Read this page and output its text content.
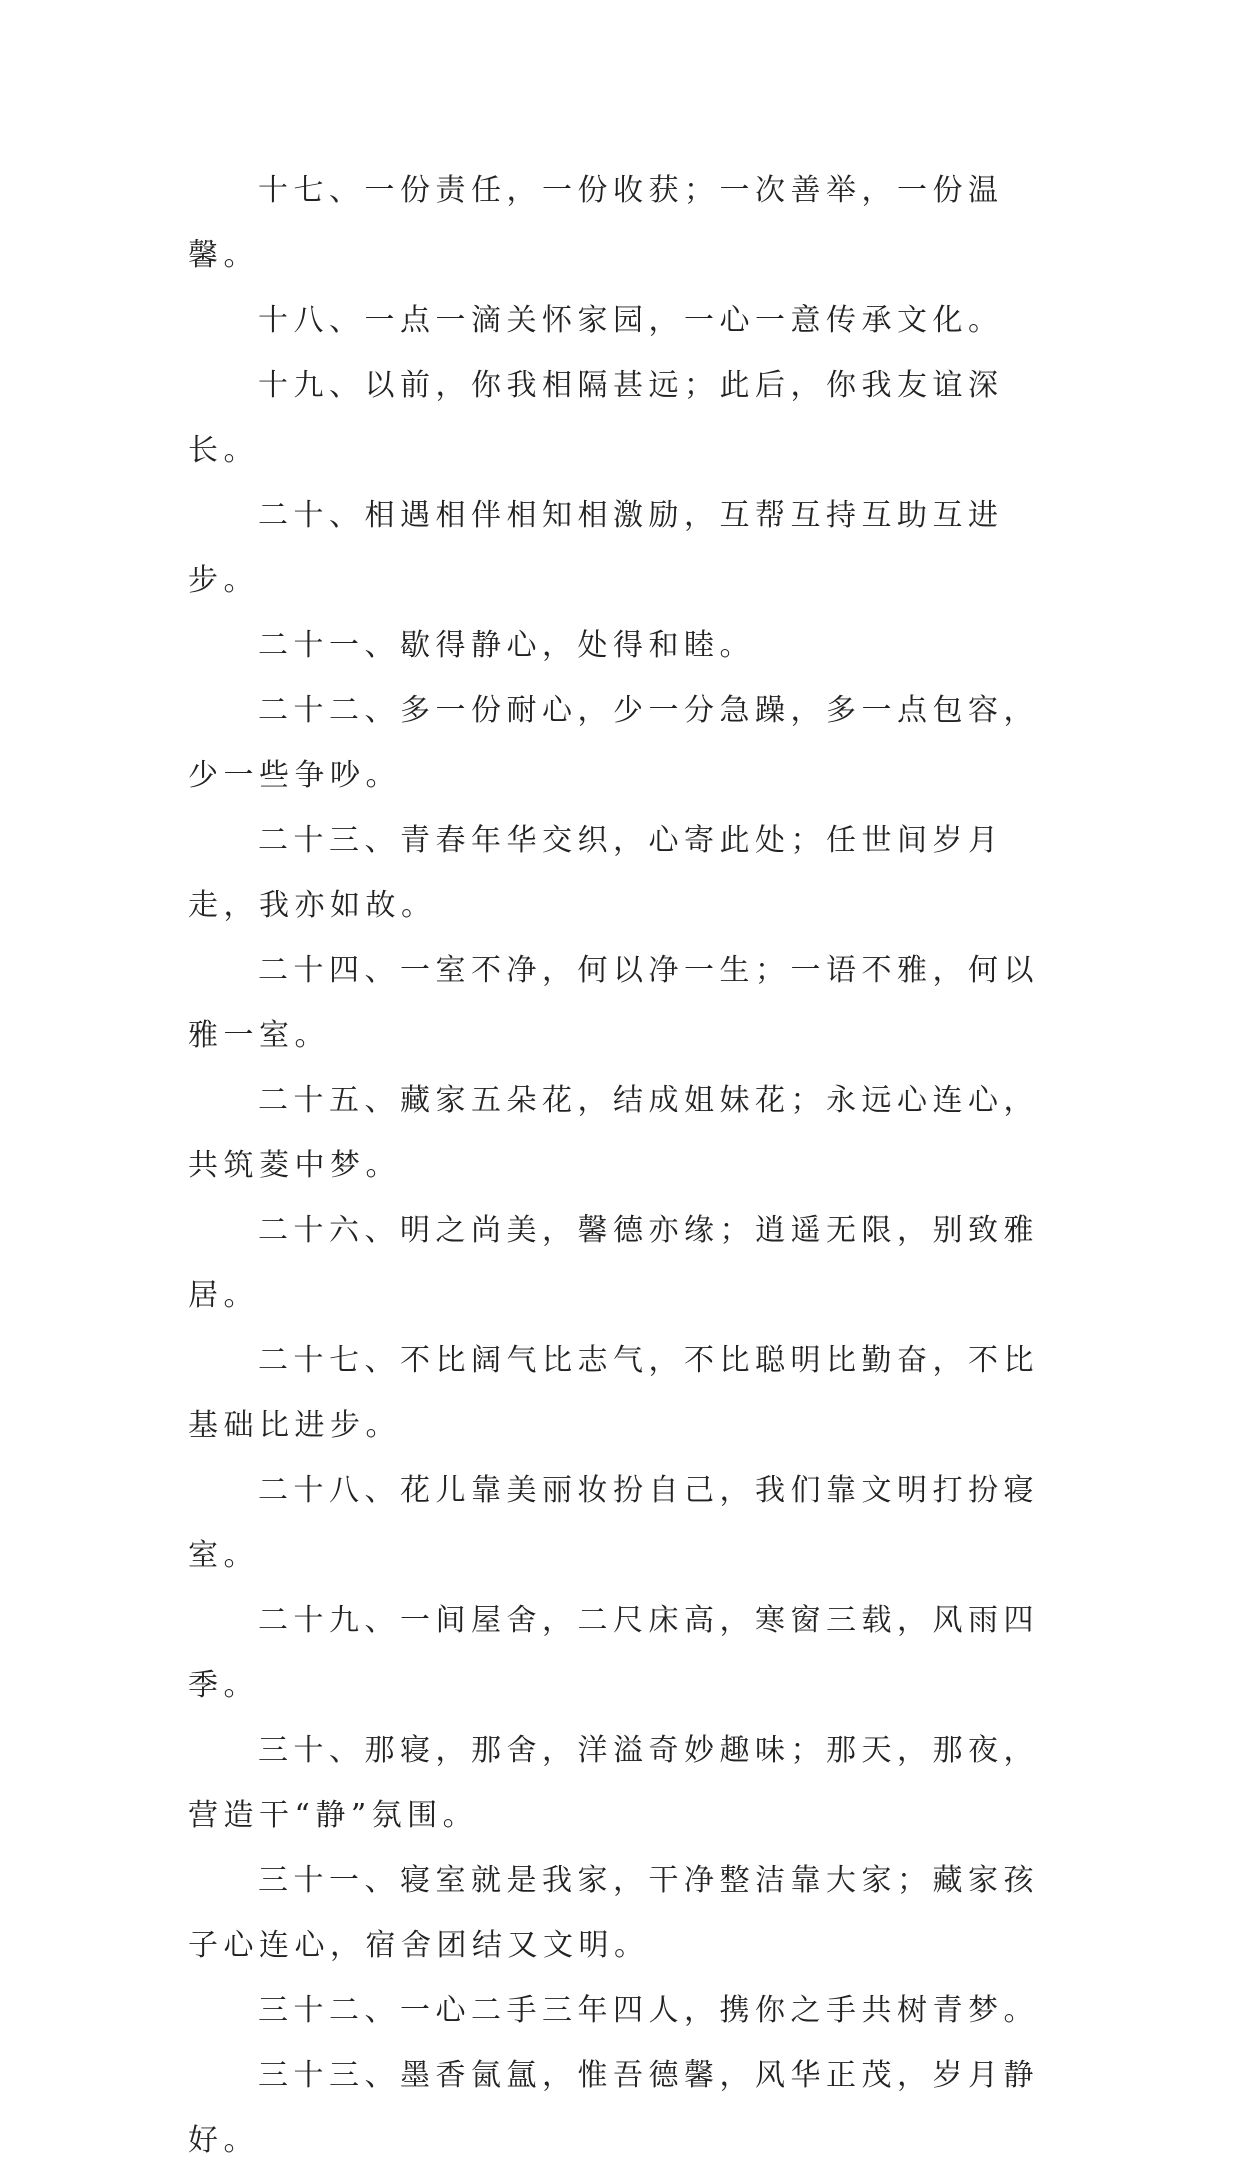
十七、一份责任，一份收获；一次善举，一份温馨。

十八、一点一滴关怀家园，一心一意传承文化。

十九、以前，你我相隔甚远；此后，你我友谊深长。

二十、相遇相伴相知相激励，互帮互持互助互进步。

二十一、歇得静心，处得和睦。

二十二、多一份耐心，少一分急躁，多一点包容，少一些争吵。

二十三、青春年华交织，心寄此处；任世间岁月走，我亦如故。

二十四、一室不净，何以净一生；一语不雅，何以雅一室。

二十五、藏家五朵花，结成姐妹花；永远心连心，共筑菱中梦。

二十六、明之尚美，馨德亦缘；逍遥无限，别致雅居。

二十七、不比阔气比志气，不比聪明比勤奋，不比基础比进步。

二十八、花儿靠美丽妆扮自己，我们靠文明打扮寝室。

二十九、一间屋舍，二尺床高，寒窗三载，风雨四季。

三十、那寝，那舍，洋溢奇妙趣味；那天，那夜，营造干“静”氛围。

三十一、寝室就是我家，干净整洁靠大家；藏家孩子心连心，宿舍团结又文明。

三十二、一心二手三年四人，携你之手共树青梦。

三十三、墨香氤氲，惟吾德馨，风华正茂，岁月静好。
